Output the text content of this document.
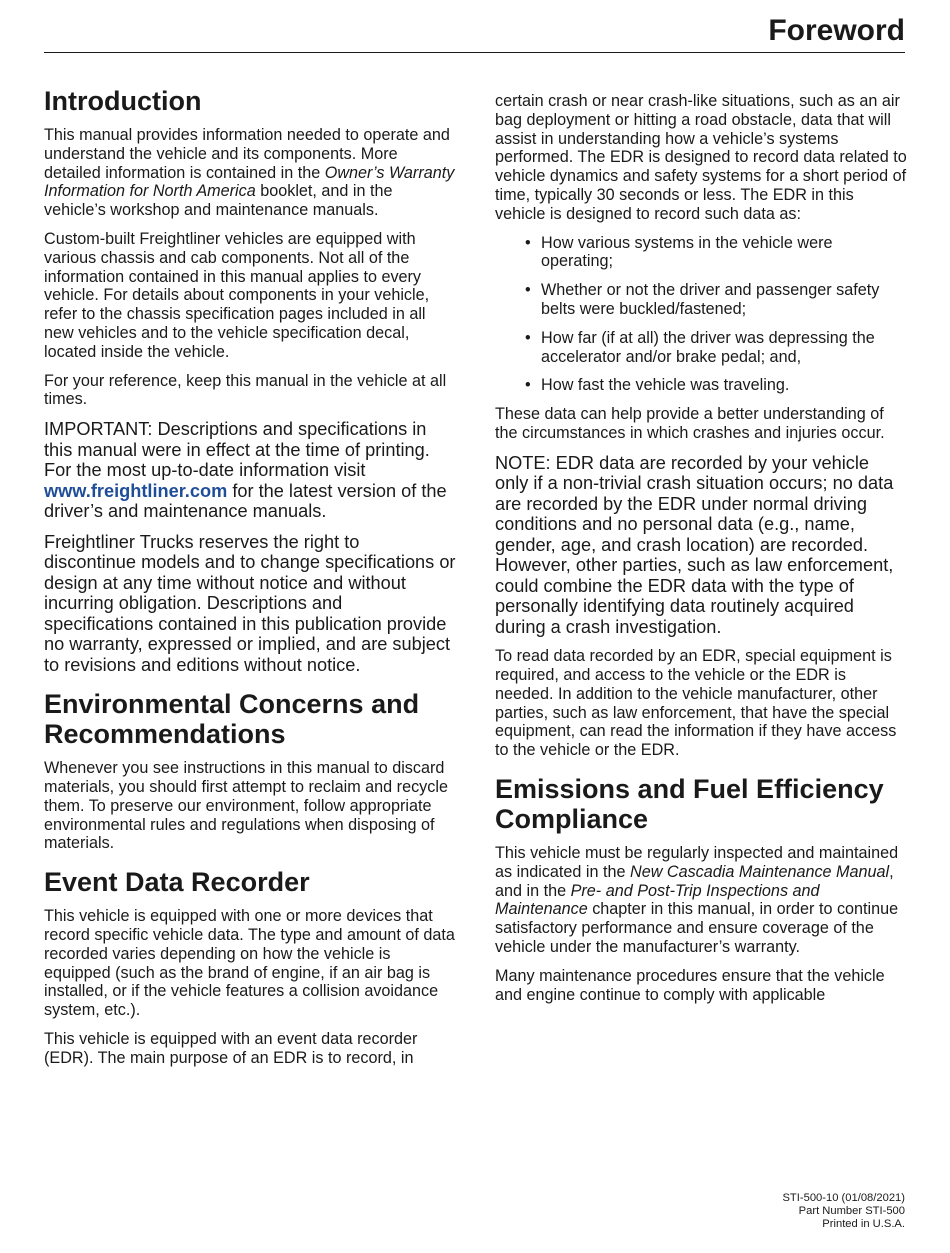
Foreword
Introduction

This manual provides information needed to operate and understand the vehicle and its components. More detailed information is contained in the Owner’s Warranty Information for North America booklet, and in the vehicle’s workshop and maintenance manuals.

Custom-built Freightliner vehicles are equipped with various chassis and cab components. Not all of the information contained in this manual applies to every vehicle. For details about components in your vehicle, refer to the chassis specification pages included in all new vehicles and to the vehicle specification decal, located inside the vehicle.

For your reference, keep this manual in the vehicle at all times.

IMPORTANT: Descriptions and specifications in this manual were in effect at the time of printing. For the most up-to-date information visit www.freightliner.com for the latest version of the driver’s and maintenance manuals.

Freightliner Trucks reserves the right to discontinue models and to change specifications or design at any time without notice and without incurring obligation. Descriptions and specifications contained in this publication provide no warranty, expressed or implied, and are subject to revisions and editions without notice.

Environmental Concerns and Recommendations

Whenever you see instructions in this manual to discard materials, you should first attempt to reclaim and recycle them. To preserve our environment, follow appropriate environmental rules and regulations when disposing of materials.

Event Data Recorder

This vehicle is equipped with one or more devices that record specific vehicle data. The type and amount of data recorded varies depending on how the vehicle is equipped (such as the brand of engine, if an air bag is installed, or if the vehicle features a collision avoidance system, etc.).

This vehicle is equipped with an event data recorder (EDR). The main purpose of an EDR is to record, in

certain crash or near crash-like situations, such as an air bag deployment or hitting a road obstacle, data that will assist in understanding how a vehicle’s systems performed. The EDR is designed to record data related to vehicle dynamics and safety systems for a short period of time, typically 30 seconds or less. The EDR in this vehicle is designed to record such data as:

• How various systems in the vehicle were operating;
• Whether or not the driver and passenger safety belts were buckled/fastened;
• How far (if at all) the driver was depressing the accelerator and/or brake pedal; and,
• How fast the vehicle was traveling.

These data can help provide a better understanding of the circumstances in which crashes and injuries occur.

NOTE: EDR data are recorded by your vehicle only if a non-trivial crash situation occurs; no data are recorded by the EDR under normal driving conditions and no personal data (e.g., name, gender, age, and crash location) are recorded. However, other parties, such as law enforcement, could combine the EDR data with the type of personally identifying data routinely acquired during a crash investigation.

To read data recorded by an EDR, special equipment is required, and access to the vehicle or the EDR is needed. In addition to the vehicle manufacturer, other parties, such as law enforcement, that have the special equipment, can read the information if they have access to the vehicle or the EDR.

Emissions and Fuel Efficiency Compliance

This vehicle must be regularly inspected and maintained as indicated in the New Cascadia Maintenance Manual, and in the Pre- and Post-Trip Inspections and Maintenance chapter in this manual, in order to continue satisfactory performance and ensure coverage of the vehicle under the manufacturer’s warranty.

Many maintenance procedures ensure that the vehicle and engine continue to comply with applicable

STI-500-10 (01/08/2021)
Part Number STI-500
Printed in U.S.A.
